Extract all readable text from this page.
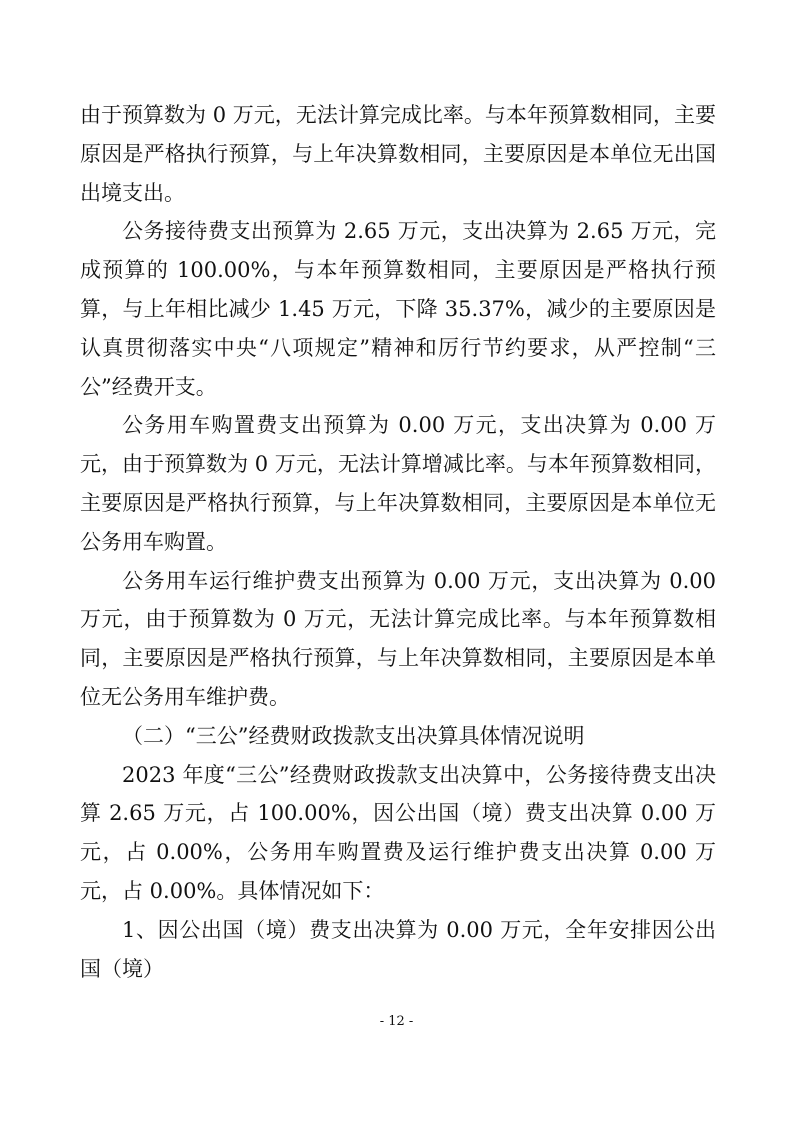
由于预算数为 0 万元，无法计算完成比率。与本年预算数相同，主要原因是严格执行预算，与上年决算数相同，主要原因是本单位无出国出境支出。

公务接待费支出预算为 2.65 万元，支出决算为 2.65 万元，完成预算的 100.00%，与本年预算数相同，主要原因是严格执行预算，与上年相比减少 1.45 万元，下降 35.37%，减少的主要原因是认真贯彻落实中央“八项规定”精神和厉行节约要求，从严控制“三公”经费开支。

公务用车购置费支出预算为 0.00 万元，支出决算为 0.00 万元，由于预算数为 0 万元，无法计算增减比率。与本年预算数相同，主要原因是严格执行预算，与上年决算数相同，主要原因是本单位无公务用车购置。

公务用车运行维护费支出预算为 0.00 万元，支出决算为 0.00 万元，由于预算数为 0 万元，无法计算完成比率。与本年预算数相同，主要原因是严格执行预算，与上年决算数相同，主要原因是本单位无公务用车维护费。

（二）“三公”经费财政拨款支出决算具体情况说明

2023 年度“三公”经费财政拨款支出决算中，公务接待费支出决算 2.65 万元，占 100.00%，因公出国（境）费支出决算 0.00 万元，占 0.00%，公务用车购置费及运行维护费支出决算 0.00 万元，占 0.00%。具体情况如下：

1、因公出国（境）费支出决算为 0.00 万元，全年安排因公出国（境）

- 12 -
